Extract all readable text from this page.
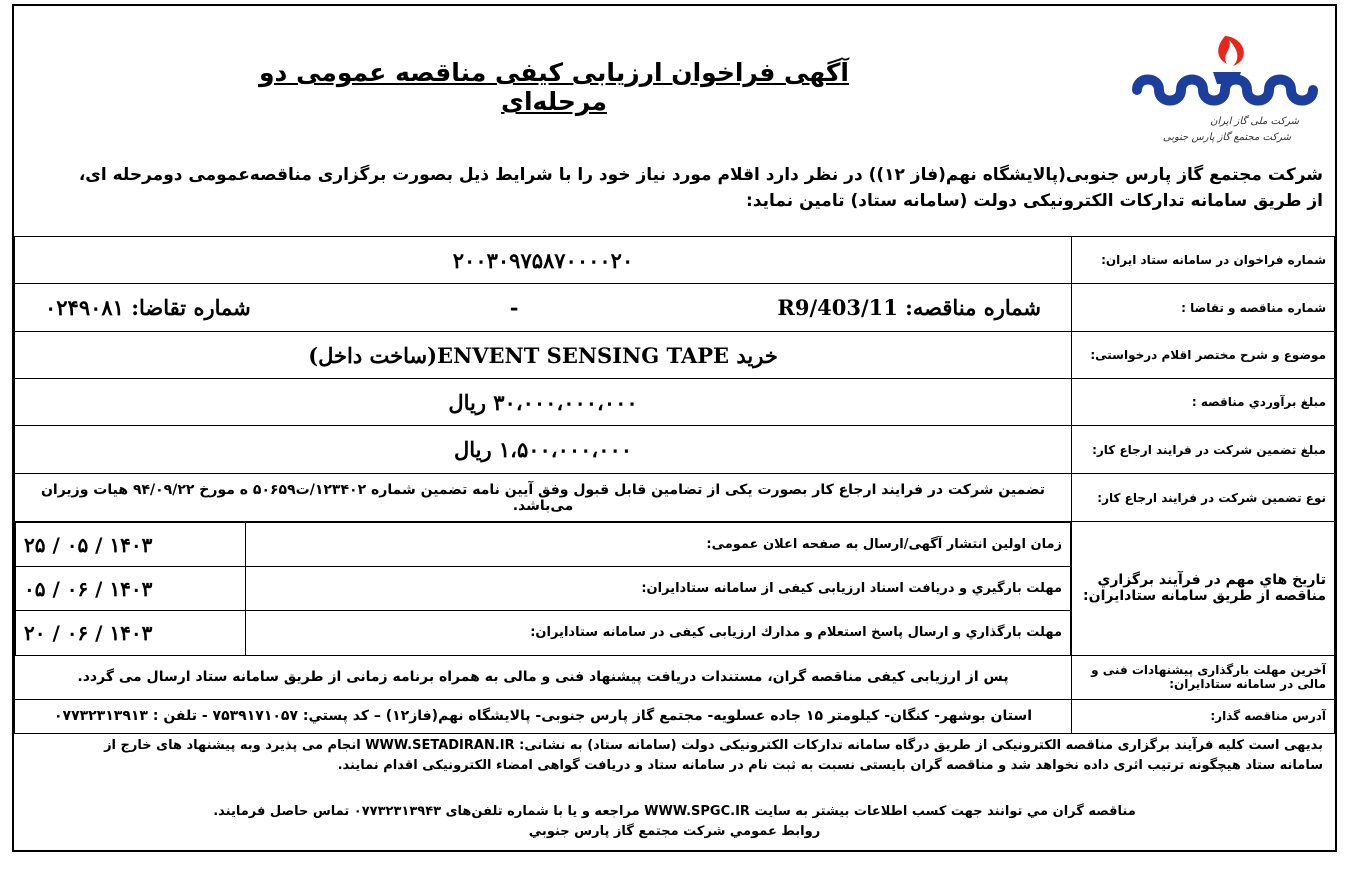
آگهی فراخوان ارزیابی کیفی مناقصه عمومی دو مرحله‌ای
شرکت ملی گاز ایران
شرکت مجتمع گاز پارس جنوبی
شرکت مجتمع گاز پارس جنوبی(پالایشگاه نهم(فاز ۱۲)) در نظر دارد اقلام مورد نیاز خود را با شرایط ذیل بصورت برگزاری مناقصه‌عمومی دومرحله ای،
از طریق سامانه تدارکات الکترونیکی دولت (سامانه ستاد) تامین نماید:
شماره فراخوان در سامانه ستاد ایران:	۲۰۰۳۰۹۷۵۸۷۰۰۰۰۲۰
شماره مناقصه و تقاضا :	
شماره مناقصه: R9/403/11
-
شماره تقاضا: ۰۲۴۹۰۸۱

موضوع و شرح مختصر اقلام درخواستی:	خرید ENVENT SENSING TAPE(ساخت داخل)
مبلغ برآوردي مناقصه :	۳۰،۰۰۰،۰۰۰،۰۰۰ ریال
مبلغ تضمین شرکت در فرایند ارجاع کار:	۱،۵۰۰،۰۰۰،۰۰۰ ریال
نوع تضمین شرکت در فرایند ارجاع کار:	تضمین شرکت در فرایند ارجاع کار بصورت یکی از تضامین قابل قبول وفق آیین نامه تضمین شماره ۱۲۳۴۰۲/ت۵۰۶۵۹ ه مورخ ۹۴/۰۹/۲۲ هیات وزیران می‌باشد.
تاریخ هاي مهم در فرآیند برگزاري مناقصه از طریق سامانه ستادایران:	
زمان اولین انتشار آگهی/ارسال به صفحه اعلان عمومی:	۱۴۰۳ / ۰۵ / ۲۵
مهلت بارگیري و دریافت اسناد ارزیابی کیفی از سامانه ستادایران:	۱۴۰۳ / ۰۶ / ۰۵
مهلت بارگذاري و ارسال پاسخ استعلام و مدارك ارزیابی کیفی در سامانه ستادایران:	۱۴۰۳ / ۰۶ / ۲۰

آخرین مهلت بارگذاری پیشنهادات فنی و مالی در سامانه ستادایران:	پس از ارزیابی کیفی مناقصه گران، مستندات دریافت پیشنهاد فنی و مالی به همراه برنامه زمانی از طریق سامانه ستاد ارسال می گردد.
آدرس مناقصه گذار:	استان بوشهر- کنگان- کیلومتر ۱۵ جاده عسلویه- مجتمع گاز پارس جنوبی- پالایشگاه نهم(فاز۱۲) – کد پستي: ۷۵۳۹۱۷۱۰۵۷ - تلفن : ۰۷۷۳۲۳۱۳۹۱۳
بدیهی است کلیه فرآیند برگزاری مناقصه الکترونیکی از طریق درگاه سامانه تدارکات الکترونیکی دولت (سامانه ستاد) به نشانی: WWW.SETADIRAN.IR انجام می پذیرد وبه پیشنهاد های خارج از
سامانه ستاد هیچگونه ترتیب اثری داده نخواهد شد و مناقصه گران بایستی نسبت به ثبت نام در سامانه ستاد و دریافت گواهی امضاء الکترونیکی اقدام نمایند.
مناقصه گران مي توانند جهت كسب اطلاعات بيشتر به سايت WWW.SPGC.IR مراجعه و يا با شماره تلفن‌های ۰۷۷۳۲۳۱۳۹۴۳ تماس حاصل فرمايند.
روابط عمومي شركت مجتمع گاز پارس جنوبي
